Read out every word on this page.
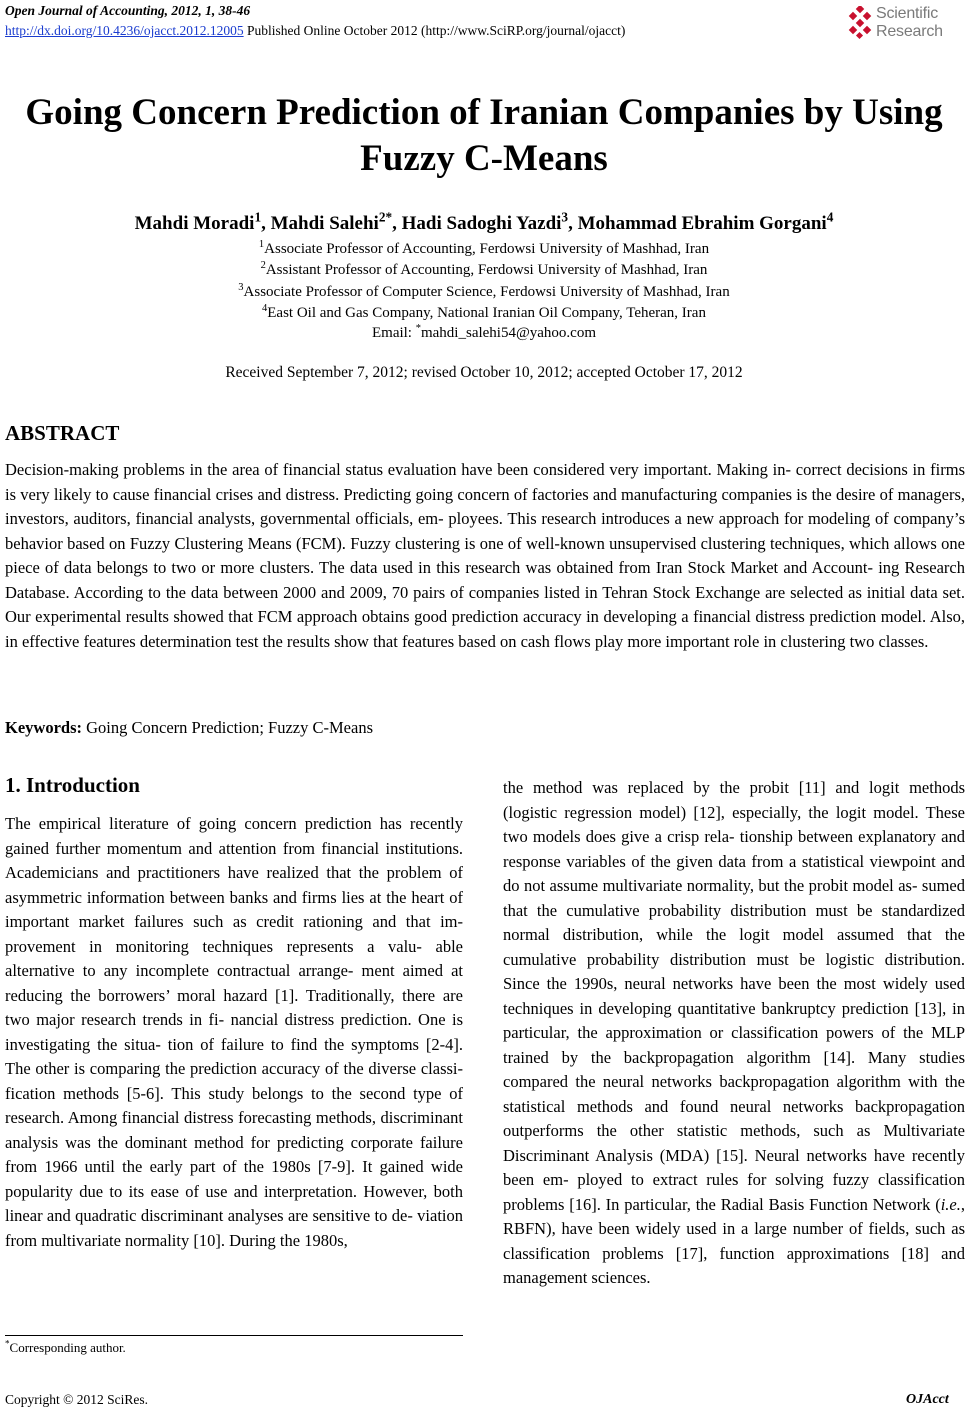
Open Journal of Accounting, 2012, 1, 38-46
http://dx.doi.org/10.4236/ojacct.2012.12005 Published Online October 2012 (http://www.SciRP.org/journal/ojacct)
Scientific
Research
Going Concern Prediction of Iranian Companies by Using Fuzzy C-Means
Mahdi Moradi$^1$, Mahdi Salehi$^{2*}$, Hadi Sadoghi Yazdi$^3$, Mohammad Ebrahim Gorgani$^4$
$^1$Associate Professor of Accounting, Ferdowsi University of Mashhad, Iran
$^2$Assistant Professor of Accounting, Ferdowsi University of Mashhad, Iran
$^3$Associate Professor of Computer Science, Ferdowsi University of Mashhad, Iran
$^4$East Oil and Gas Company, National Iranian Oil Company, Teheran, Iran
Email: *mahdi_salehi54@yahoo.com
Received September 7, 2012; revised October 10, 2012; accepted October 17, 2012
ABSTRACT
Decision-making problems in the area of financial status evaluation have been considered very important. Making in- correct decisions in firms is very likely to cause financial crises and distress. Predicting going concern of factories and manufacturing companies is the desire of managers, investors, auditors, financial analysts, governmental officials, em- ployees. This research introduces a new approach for modeling of company’s behavior based on Fuzzy Clustering Means (FCM). Fuzzy clustering is one of well-known unsupervised clustering techniques, which allows one piece of data belongs to two or more clusters. The data used in this research was obtained from Iran Stock Market and Account- ing Research Database. According to the data between 2000 and 2009, 70 pairs of companies listed in Tehran Stock Exchange are selected as initial data set. Our experimental results showed that FCM approach obtains good prediction accuracy in developing a financial distress prediction model. Also, in effective features determination test the results show that features based on cash flows play more important role in clustering two classes.
Keywords: Going Concern Prediction; Fuzzy C-Means
1. Introduction
The empirical literature of going concern prediction has recently gained further momentum and attention from financial institutions. Academicians and practitioners have realized that the problem of asymmetric information between banks and firms lies at the heart of important market failures such as credit rationing and that im- provement in monitoring techniques represents a valu- able alternative to any incomplete contractual arrange- ment aimed at reducing the borrowers’ moral hazard [1]. Traditionally, there are two major research trends in fi- nancial distress prediction. One is investigating the situa- tion of failure to find the symptoms [2-4]. The other is comparing the prediction accuracy of the diverse classi- fication methods [5-6]. This study belongs to the second type of research. Among financial distress forecasting methods, discriminant analysis was the dominant method for predicting corporate failure from 1966 until the early part of the 1980s [7-9]. It gained wide popularity due to its ease of use and interpretation. However, both linear and quadratic discriminant analyses are sensitive to de- viation from multivariate normality [10]. During the 1980s,
the method was replaced by the probit [11] and logit methods (logistic regression model) [12], especially, the logit model. These two models does give a crisp rela- tionship between explanatory and response variables of the given data from a statistical viewpoint and do not assume multivariate normality, but the probit model as- sumed that the cumulative probability distribution must be standardized normal distribution, while the logit model assumed that the cumulative probability distribution must be logistic distribution. Since the 1990s, neural networks have been the most widely used techniques in developing quantitative bankruptcy prediction [13], in particular, the approximation or classification powers of the MLP trained by the backpropagation algorithm [14]. Many studies compared the neural networks backpropagation algorithm with the statistical methods and found neural networks backpropagation outperforms the other statistic methods, such as Multivariate Discriminant Analysis (MDA) [15]. Neural networks have recently been em- ployed to extract rules for solving fuzzy classification problems [16]. In particular, the Radial Basis Function Network (i.e., RBFN), have been widely used in a large number of fields, such as classification problems [17], function approximations [18] and management sciences.
*Corresponding author.
Copyright © 2012 SciRes.	OJAcct
